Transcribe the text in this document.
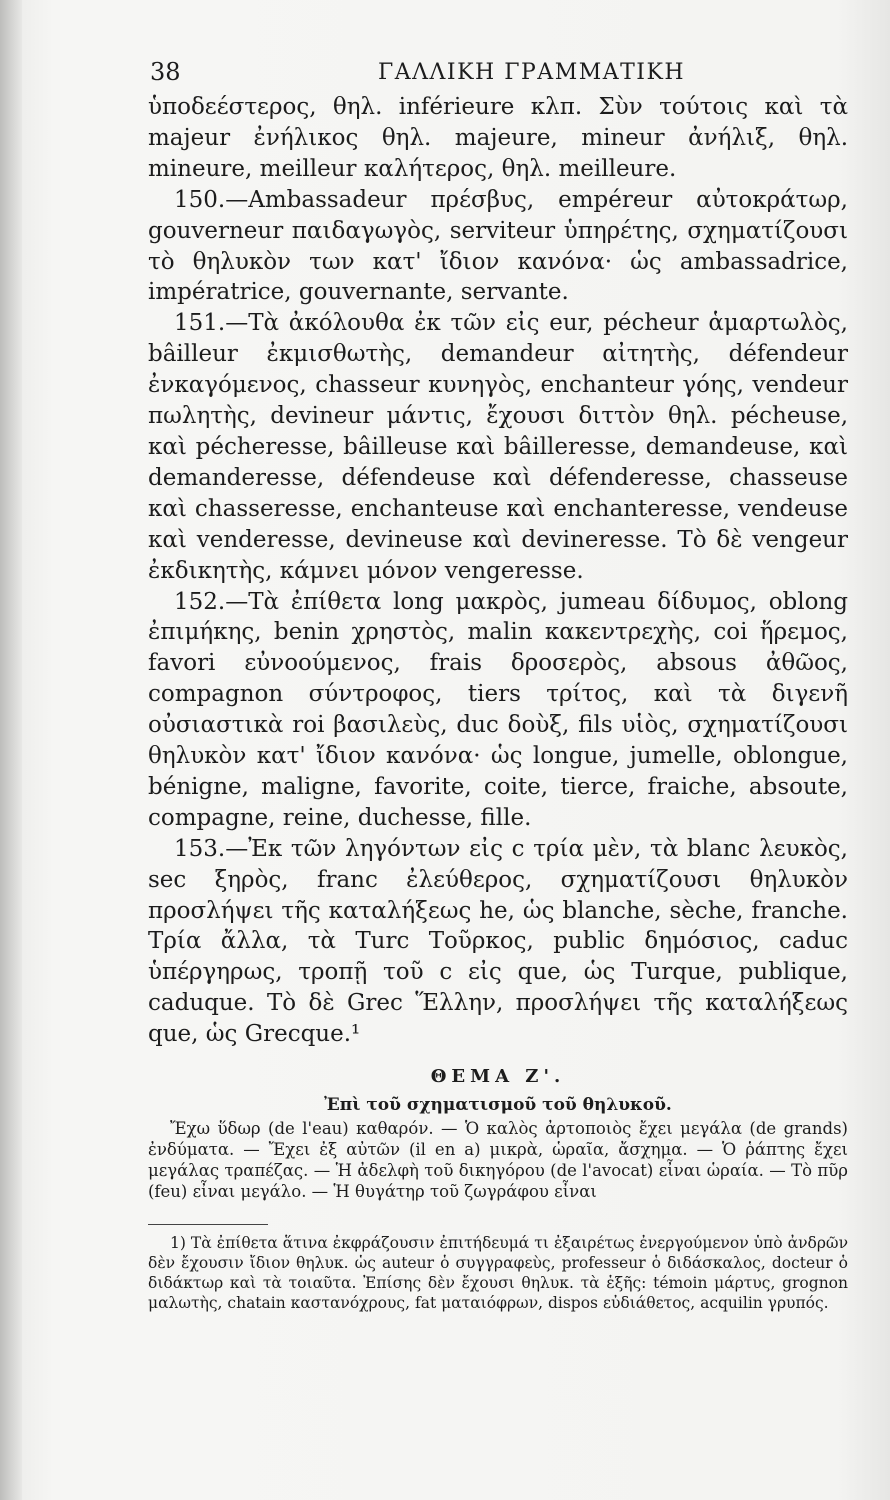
38	ΓΑΛΛΙΚΗ ΓΡΑΜΜΑΤΙΚΗ

ὑποδεέστερος, θηλ. inférieure κλπ. Σὺν τούτοις καὶ τὰ majeur ἐνήλικος θηλ. majeure, mineur ἀνήλιξ, θηλ. mineure, meilleur καλήτερος, θηλ. meilleure.

150.—Ambassadeur πρέσβυς, empéreur αὐτοκράτωρ, gouverneur παιδαγωγὸς, serviteur ὑπηρέτης, σχηματίζουσι τὸ θηλυκὸν των κατ' ἴδιον κανόνα· ὡς ambassadrice, impératrice, gouvernante, servante.

151.—Τὰ ἀκόλουθα ἐκ τῶν εἰς eur, pécheur ἁμαρτωλὸς, bâilleur ἐκμισθωτὴς, demandeur αἰτητὴς, défendeur ἐνκαγόμενος, chasseur κυνηγὸς, enchanteur γόης, vendeur πωλητὴς, devineur μάντις, ἔχουσι διττὸν θηλ. pécheuse, καὶ pécheresse, bâilleuse καὶ bâilleresse, demandeuse, καὶ demanderesse, défendeuse καὶ défenderesse, chasseuse καὶ chasseresse, enchanteuse καὶ enchanteresse, vendeuse καὶ venderesse, devineuse καὶ devineresse. Τὸ δὲ vengeur ἐκδικητὴς, κάμνει μόνον vengeresse.

152.—Τὰ ἐπίθετα long μακρὸς, jumeau δίδυμος, oblong ἐπιμήκης, benin χρηστὸς, malin κακεντρεχὴς, coi ἥρεμος, favori εὐνοούμενος, frais δροσερὸς, absous ἀθῶος, compagnon σύντροφος, tiers τρίτος, καὶ τὰ διγενῆ οὐσιαστικὰ roi βασιλεὺς, duc δοὺξ, fils υἱὸς, σχηματίζουσι θηλυκὸν κατ' ἴδιον κανόνα· ὡς longue, jumelle, oblongue, bénigne, maligne, favorite, coite, tierce, fraiche, absoute, compagne, reine, duchesse, fille.

153.—Ἐκ τῶν ληγόντων εἰς c τρία μὲν, τὰ blanc λευκὸς, sec ξηρὸς, franc ἐλεύθερος, σχηματίζουσι θηλυκὸν προσλήψει τῆς καταλήξεως he, ὡς blanche, sèche, franche. Τρία ἄλλα, τὰ Turc Τοῦρκος, public δημόσιος, caduc ὑπέργηρως, τροπῇ τοῦ c εἰς que, ὡς Turque, publique, caduque. Τὸ δὲ Grec Ἕλλην, προσλήψει τῆς καταλήξεως que, ὡς Grecque.¹

ΘΕΜΑ Ζ'.
Ἐπὶ τοῦ σχηματισμοῦ τοῦ θηλυκοῦ.

Ἔχω ὕδωρ (de l'eau) καθαρόν. — Ὁ καλὸς ἀρτοποιὸς ἔχει μεγάλα (de grands) ἐνδύματα. — Ἔχει ἐξ αὐτῶν (il en a) μικρὰ, ὡραῖα, ἄσχημα. — Ὁ ῥάπτης ἔχει μεγάλας τραπέζας. — Ἡ ἀδελφὴ τοῦ δικηγόρου (de l'avocat) εἶναι ὡραία. — Τὸ πῦρ (feu) εἶναι μεγάλο. — Ἡ θυγάτηρ τοῦ ζωγράφου εἶναι

1) Τὰ ἐπίθετα ἅτινα ἐκφράζουσιν ἐπιτήδευμά τι ἐξαιρέτως ἐνεργούμενον ὑπὸ ἀνδρῶν δὲν ἔχουσιν ἴδιον θηλυκ. ὡς auteur ὁ συγγραφεὺς, professeur ὁ διδάσκαλος, docteur ὁ διδάκτωρ καὶ τὰ τοιαῦτα. Ἐπίσης δὲν ἔχουσι θηλυκ. τὰ ἑξῆς: témoin μάρτυς, grognon μαλωτὴς, chatain καστανόχρους, fat ματαιόφρων, dispos εὐδιάθετος, acquilin γρυπός.
